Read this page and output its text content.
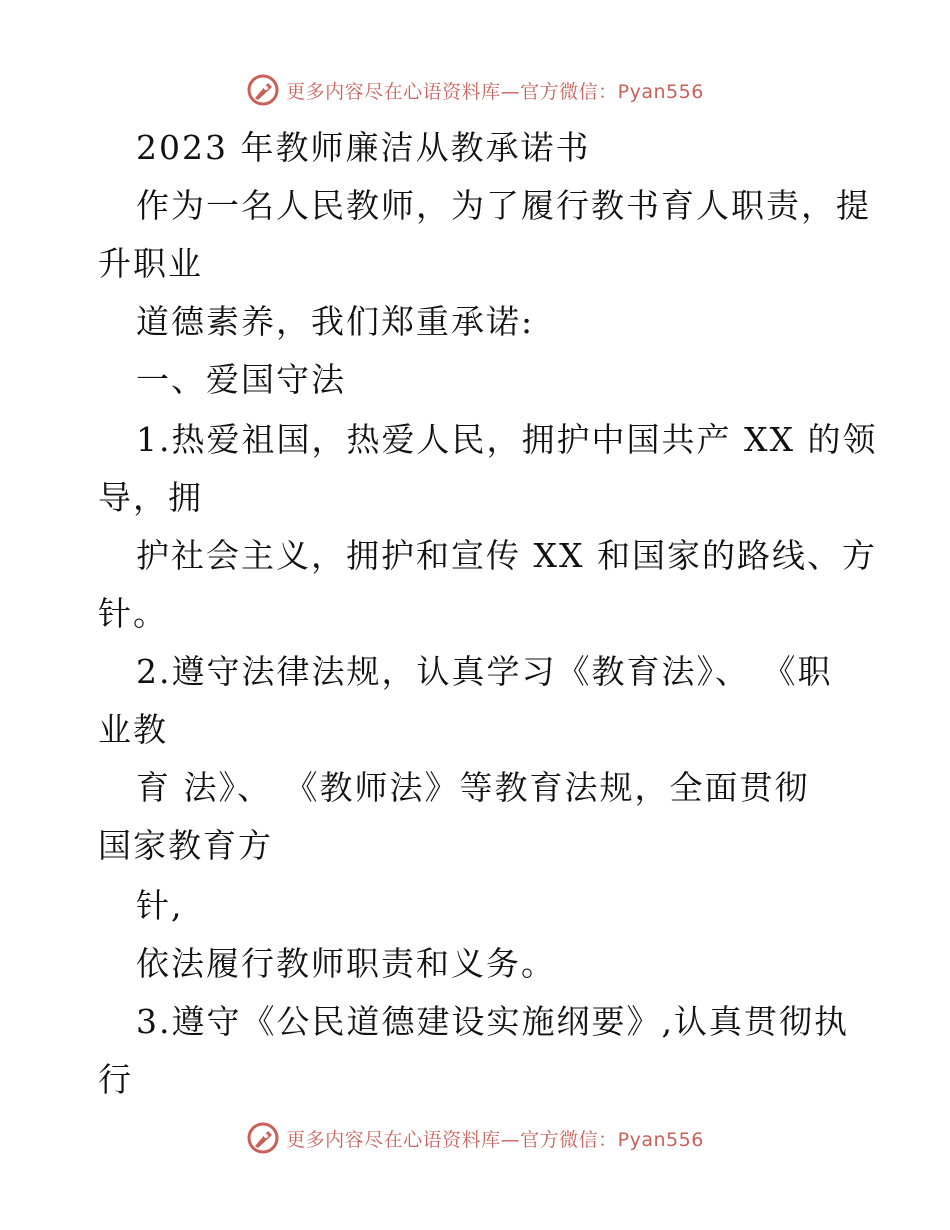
更多内容尽在心语资料库—官方微信：Pyan556

2023 年教师廉洁从教承诺书

作为一名人民教师，为了履行教书育人职责，提

升职业

道德素养，我们郑重承诺:

一、爱国守法

1.热爱祖国，热爱人民，拥护中国共产 XX 的领

导，拥

护社会主义，拥护和宣传 XX 和国家的路线、方

针。

2.遵守法律法规，认真学习《教育法》、 《职

业教

育 法》、 《教师法》等教育法规，全面贯彻

国家教育方

针,

依法履行教师职责和义务。

3.遵守《公民道德建设实施纲要》,认真贯彻执

行

更多内容尽在心语资料库—官方微信：Pyan556
